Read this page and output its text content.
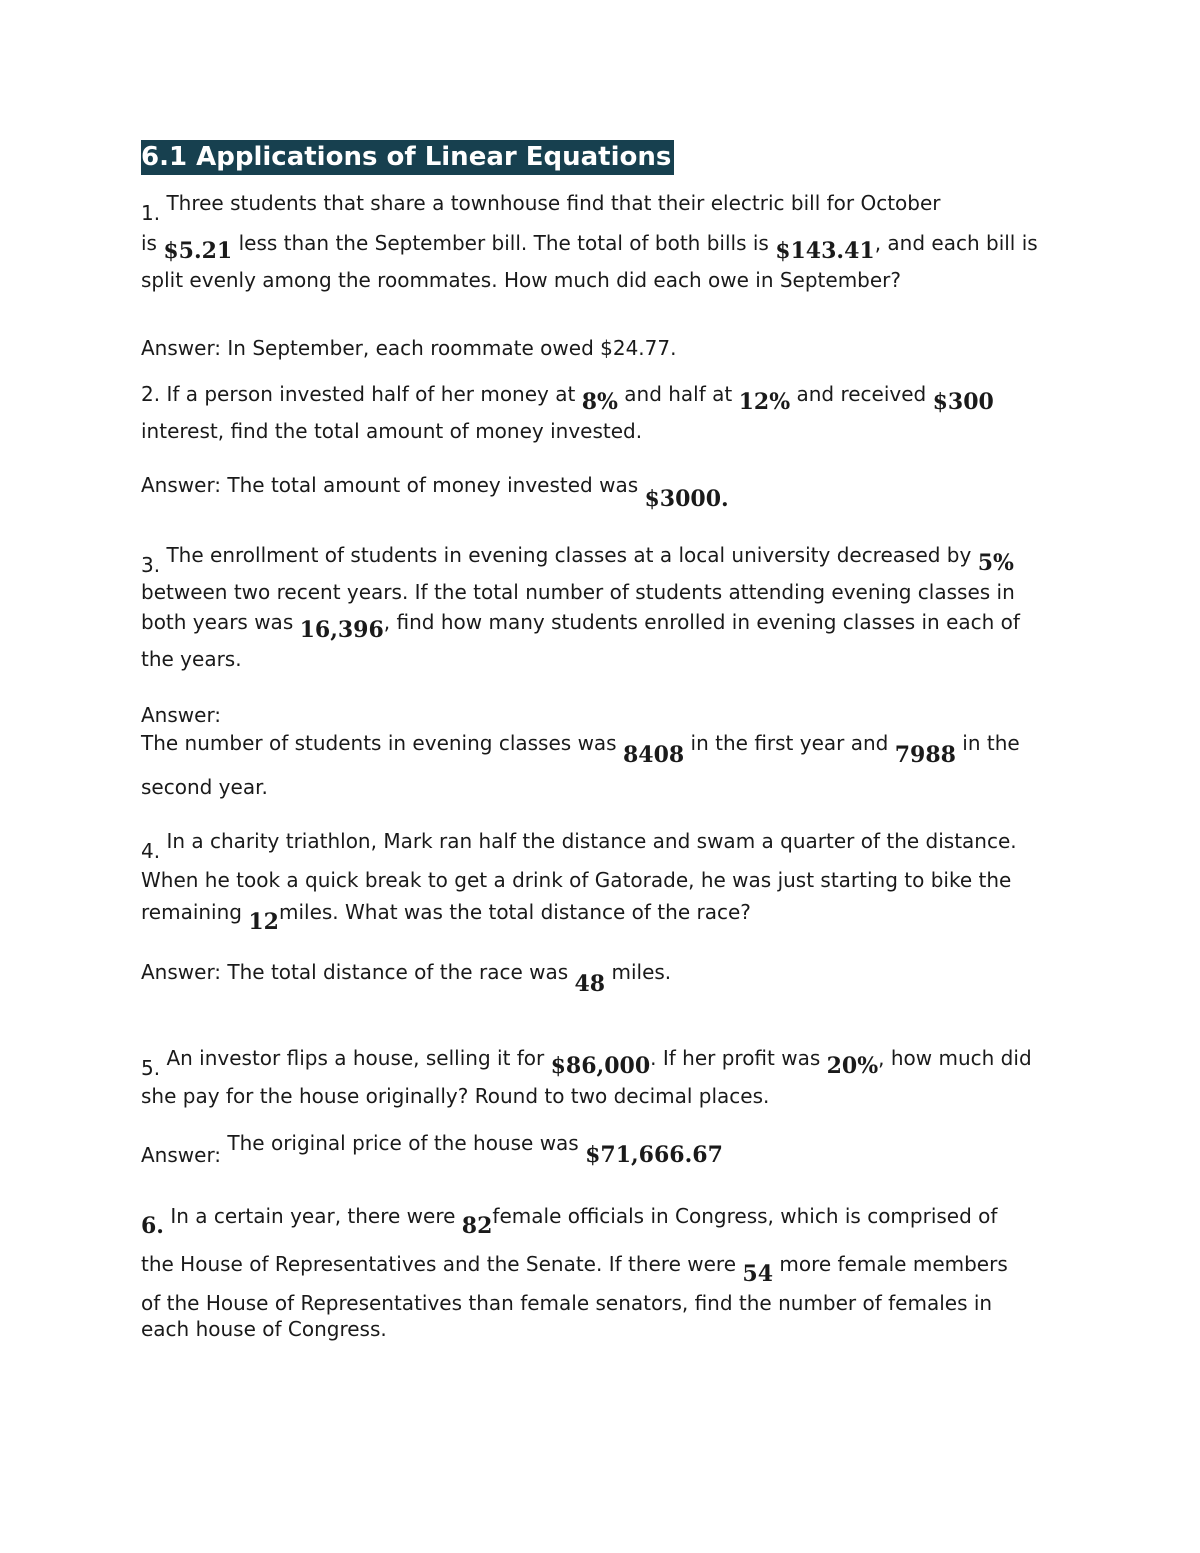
6.1 Applications of Linear Equations
1. Three students that share a townhouse find that their electric bill for October
is $5.21 less than the September bill. The total of both bills is $143.41, and each bill is
split evenly among the roommates. How much did each owe in September?
Answer: In September, each roommate owed $24.77.
2. If a person invested half of her money at 8% and half at 12% and received $300
interest, find the total amount of money invested.
Answer: The total amount of money invested was $3000.
3. The enrollment of students in evening classes at a local university decreased by 5%
between two recent years. If the total number of students attending evening classes in
both years was 16,396, find how many students enrolled in evening classes in each of
the years.
Answer:
The number of students in evening classes was 8408 in the first year and 7988 in the
second year.
4. In a charity triathlon, Mark ran half the distance and swam a quarter of the distance.
When he took a quick break to get a drink of Gatorade, he was just starting to bike the
remaining 12miles. What was the total distance of the race?
Answer: The total distance of the race was 48 miles.
5. An investor flips a house, selling it for $86,000. If her profit was 20%, how much did
she pay for the house originally? Round to two decimal places.
Answer: The original price of the house was $71,666.67
6. In a certain year, there were 82female officials in Congress, which is comprised of
the House of Representatives and the Senate. If there were 54 more female members
of the House of Representatives than female senators, find the number of females in
each house of Congress.
